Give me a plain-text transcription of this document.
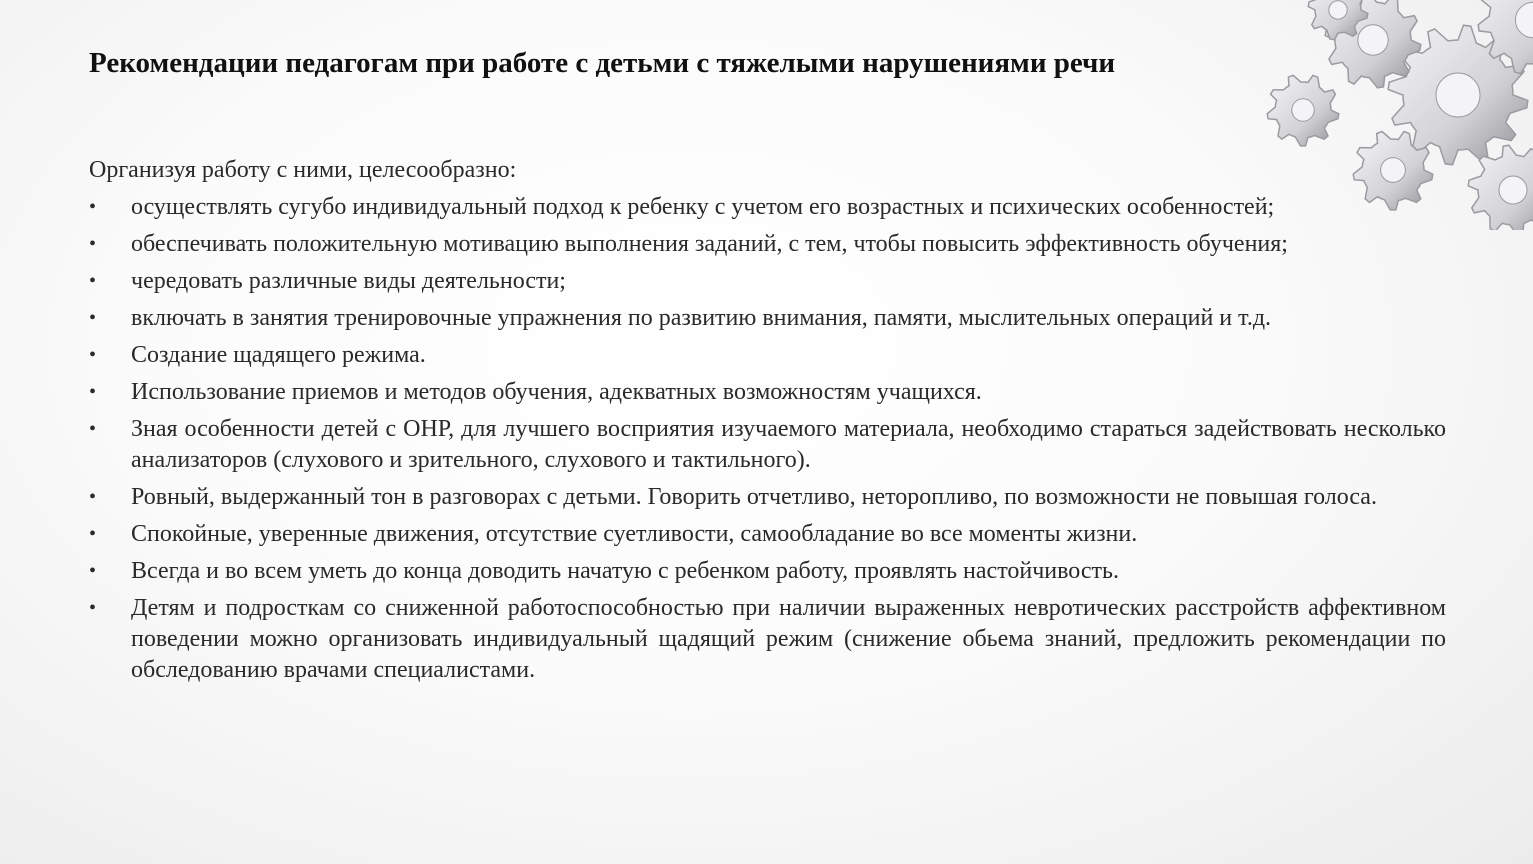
Рекомендации педагогам при работе с детьми с тяжелыми нарушениями речи

Организуя работу с ними, целесообразно:

• осуществлять сугубо индивидуальный подход к ребенку с учетом его возрастных и психических особенностей;
• обеспечивать положительную мотивацию выполнения заданий, с тем, чтобы повысить эффективность обучения;
• чередовать различные виды деятельности;
• включать в занятия тренировочные упражнения по развитию внимания, памяти, мыслительных операций и т.д.
• Создание щадящего режима.
• Использование приемов и методов обучения, адекватных возможностям учащихся.
• Зная особенности детей с ОНР, для лучшего восприятия изучаемого материала, необходимо стараться задействовать несколько анализаторов (слухового и зрительного, слухового и тактильного).
• Ровный, выдержанный тон в разговорах с детьми. Говорить отчетливо, неторопливо, по возможности не повышая голоса.
• Спокойные, уверенные движения, отсутствие суетливости, самообладание во все моменты жизни.
• Всегда и во всем уметь до конца доводить начатую с ребенком работу, проявлять настойчивость.
• Детям и подросткам со сниженной работоспособностью при наличии выраженных невротических расстройств аффективном поведении можно организовать индивидуальный щадящий режим (снижение обьема знаний, предложить рекомендации по обследованию врачами специалистами.
